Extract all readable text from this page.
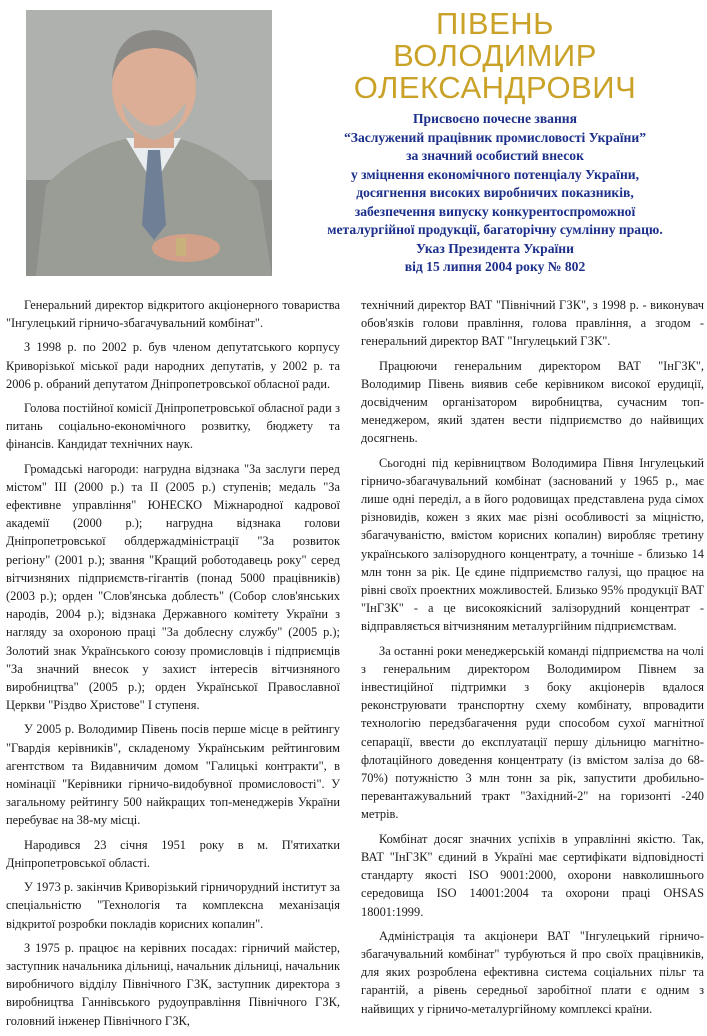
ПІВЕНЬ
ВОЛОДИМИР
ОЛЕКСАНДРОВИЧ
Присвоєно почесне звання
“Заслужений працівник промисловості України”
за значний особистий внесок
у зміцнення економічного потенціалу України,
досягнення високих виробничих показників,
забезпечення випуску конкурентоспроможної
металургійної продукції, багаторічну сумлінну працю.
Указ Президента України
від 15 липня 2004 року № 802

Генеральний директор відкритого акціонерного товариства "Інгулецький гірничо-збагачувальний комбінат".

З 1998 р. по 2002 р. був членом депутатського корпусу Криворізької міської ради народних депутатів, у 2002 р. та 2006 р. обраний депутатом Дніпропетровської обласної ради.

Голова постійної комісії Дніпропетровської обласної ради з питань соціально-економічного розвитку, бюджету та фінансів. Кандидат технічних наук.

Громадські нагороди: нагрудна відзнака "За заслуги перед містом" III (2000 р.) та II (2005 р.) ступенів; медаль "За ефективне управління" ЮНЕСКО Міжнародної кадрової академії (2000 р.); нагрудна відзнака голови Дніпропетровської облдержадміністрації "За розвиток регіону" (2001 р.); звання "Кращий роботодавець року" серед вітчизняних підприємств-гігантів (понад 5000 працівників) (2003 р.); орден "Слов'янська доблесть" (Собор слов'янських народів, 2004 р.); відзнака Державного комітету України з нагляду за охороною праці "За доблесну службу" (2005 р.); Золотий знак Українського союзу промисловців і підприємців "За значний внесок у захист інтересів вітчизняного виробництва" (2005 р.); орден Української Православної Церкви "Різдво Христове" I ступеня.

У 2005 р. Володимир Півень посів перше місце в рейтингу "Гвардія керівників", складеному Українським рейтинговим агентством та Видавничим домом "Галицькі контракти", в номінації "Керівники гірничо-видобувної промисловості". У загальному рейтингу 500 найкращих топ-менеджерів України перебуває на 38-му місці.

Народився 23 січня 1951 року в м. П'ятихатки Дніпропетровської області.

У 1973 р. закінчив Криворізький гірничорудний інститут за спеціальністю "Технологія та комплексна механізація відкритої розробки покладів корисних копалин".

З 1975 р. працює на керівних посадах: гірничий майстер, заступник начальника дільниці, начальник дільниці, начальник виробничого відділу Північного ГЗК, заступник директора з виробництва Ганнівського рудоуправління Північного ГЗК, головний інженер Північного ГЗК,

технічний директор ВАТ "Північний ГЗК", з 1998 р. - виконувач обов'язків голови правління, голова правління, а згодом - генеральний директор ВАТ "Інгулецький ГЗК".

Працюючи генеральним директором ВАТ "ІнГЗК", Володимир Півень виявив себе керівником високої ерудиції, досвідченим організатором виробництва, сучасним топ-менеджером, який здатен вести підприємство до найвищих досягнень.

Сьогодні під керівництвом Володимира Півня Інгулецький гірничо-збагачувальний комбінат (заснований у 1965 р., має лише одні переділ, а в його родовищах представлена руда сімох різновидів, кожен з яких має різні особливості за міцністю, збагачуваністю, вмістом корисних копалин) виробляє третину українського залізорудного концентрату, а точніше - близько 14 млн тонн за рік. Це єдине підприємство галузі, що працює на рівні своїх проектних можливостей. Близько 95% продукції ВАТ "ІнГЗК" - а це високоякісний залізорудний концентрат - відправляється вітчизняним металургійним підприємствам.

За останні роки менеджерській команді підприємства на чолі з генеральним директором Володимиром Півнем за інвестиційної підтримки з боку акціонерів вдалося реконструювати транспортну схему комбінату, впровадити технологію передзбагачення руди способом сухої магнітної сепарації, ввести до експлуатації першу дільницю магнітно-флотаційного доведення концентрату (із вмістом заліза до 68-70%) потужністю 3 млн тонн за рік, запустити дробильно-перевантажувальний тракт "Західний-2" на горизонті -240 метрів.

Комбінат досяг значних успіхів в управлінні якістю. Так, ВАТ "ІнГЗК" єдиний в Україні має сертифікати відповідності стандарту якості ISO 9001:2000, охорони навколишнього середовища ISO 14001:2004 та охорони праці OHSAS 18001:1999.

Адміністрація та акціонери ВАТ "Інгулецький гірничо-збагачувальний комбінат" турбуються й про своїх працівників, для яких розроблена ефективна система соціальних пільг та гарантій, а рівень середньої заробітної плати є одним з найвищих у гірничо-металургійному комплексі країни.
